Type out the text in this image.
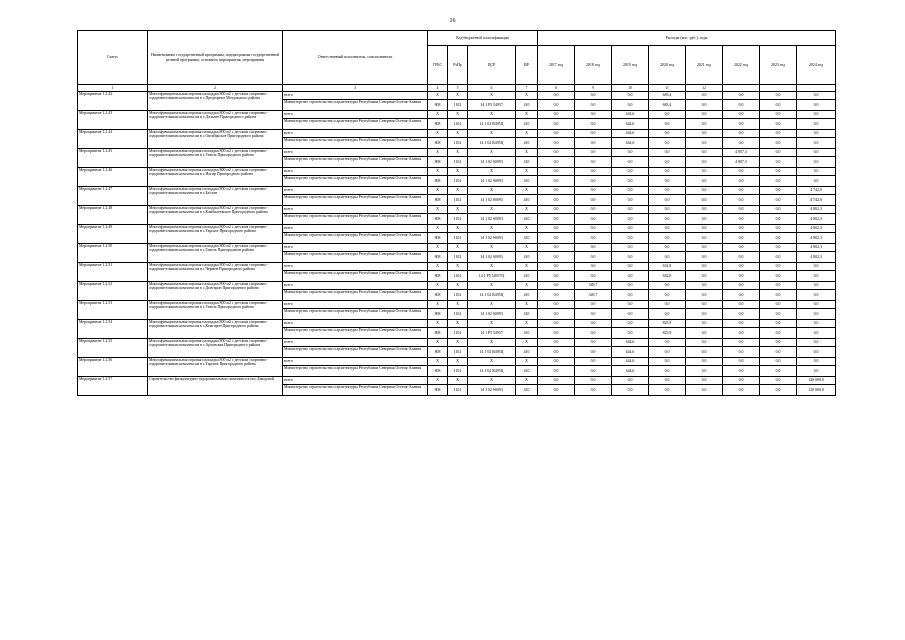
16
Статус	Наименование государственной программы, подпрограммы государственной целевой программы, основного мероприятия, мероприятия	Ответственный исполнитель, соисполнители	Код бюджетной классификации				Расходы (тыс. руб.), годы								
			ГРБС	РзПр	ЦСР	ВР	2017 год	2018 год	2019 год	2020 год	2021 год	2022 год	2023 год	2024 год	
1	2	3	4	5	6	7	8	9	10	11	12				
Мероприятие 1.2.42	Многофункциональная игровая площадка 800 м2 с детским спортивно-оздоровительным комплексом в с.Предгорное Моздокского района	всего	X	X	X	X	0,0	0,0	0,0	683,4	0,0	0,0	0,0	0,0	
		Министерство строительства и архитектуры Республики Северная Осетия-Алания	808	1102	14 1 P5 54957	410	0,0	0,0	0,0	683,4	0,0	0,0	0,0	0,0	
Мероприятие 1.2.43	Многофункциональная игровая площадка 800 м2 с детским спортивно-оздоровительным комплексом в с.Дальнее Пригородного района	всего	X	X	X	X	0,0	0,0	444,6	0,0	0,0	0,0	0,0	0,0	
		Министерство строительства и архитектуры Республики Северная Осетия-Алания	808	1102	14 1 02 R495Ц	410	0,0	0,0	444,6	0,0	0,0	0,0	0,0	0,0	
Мероприятие 1.2.44	Многофункциональная игровая площадка 800 м2 с детским спортивно-оздоровительным комплексом в с.Октябрьское Пригородного района	всего	X	X	X	X	0,0	0,0	444,6	0,0	0,0	0,0	0,0	0,0	
		Министерство строительства и архитектуры Республики Северная Осетия-Алания	808	1102	14 1 02 R495Ц	410	0,0	0,0	444,6	0,0	0,0	0,0	0,0	0,0	
Мероприятие 1.2.45	Многофункциональная игровая площадка 800 м2 с детским спортивно-оздоровительным комплексом в с.Гизель Пригородного района	всего	X	X	X	X	0,0	0,0	0,0	0,0	0,0	4 807,3	0,0	0,0	
		Министерство строительства и архитектуры Республики Северная Осетия-Алания	808	1102	14 1 02 S0093	410	0,0	0,0	0,0	0,0	0,0	4 807,3	0,0	0,0	
Мероприятие 1.2.46	Многофункциональная игровая площадка 800 м2 с детским спортивно-оздоровительным комплексом в с.Ногир Пригородного района	всего	X	X	X	X	0,0	0,0	0,0	0,0	0,0	0,0	0,0	0,0	
		Министерство строительства и архитектуры Республики Северная Осетия-Алания	808	1102	14 1 02 S0093	410	0,0	0,0	0,0	0,0	0,0	0,0	0,0	0,0	
Мероприятие 1.2.47	Многофункциональная игровая площадка 800 м2 с детским спортивно-оздоровительным комплексом в с.Беслан	всего	X	X	X	X	0,0	0,0	0,0	0,0	0,0	0,0	0,0	4 742,0	
		Министерство строительства и архитектуры Республики Северная Осетия-Алания	808	1102	14 1 02 S0093	410	0,0	0,0	0,0	0,0	0,0	0,0	0,0	4 742,0	
Мероприятие 1.2.48	Многофункциональная игровая площадка 800 м2 с детским спортивно-оздоровительным комплексом в с.Камбилеевское Пригородного района	всего	X	X	X	X	0,0	0,0	0,0	0,0	0,0	0,0	0,0	4 802,3	
		Министерство строительства и архитектуры Республики Северная Осетия-Алания	808	1102	14 1 02 S0093	410	0,0	0,0	0,0	0,0	0,0	0,0	0,0	4 802,3	
Мероприятие 1.2.49	Многофункциональная игровая площадка 800 м2 с детским спортивно-оздоровительным комплексом в с.Тарское Пригородного района	всего	X	X	X	X	0,0	0,0	0,0	0,0	0,0	0,0	0,0	4 802,3	
		Министерство строительства и архитектуры Республики Северная Осетия-Алания	808	1102	14 1 02 S0093	410	0,0	0,0	0,0	0,0	0,0	0,0	0,0	4 802,3	
Мероприятие 1.2.50	Многофункциональная игровая площадка 800 м2 с детским спортивно-оздоровительным комплексом в с.Гизель Пригородного района	всего	X	X	X	X	0,0	0,0	0,0	0,0	0,0	0,0	0,0	4 802,3	
		Министерство строительства и архитектуры Республики Северная Осетия-Алания	808	1102	14 1 02 S0093	410	0,0	0,0	0,0	0,0	0,0	0,0	0,0	4 802,3	
Мероприятие 1.2.51	Многофункциональная игровая площадка 800 м2 с детским спортивно-оздоровительным комплексом в с.Чермен Пригородного района	всего	X	X	X	X	0,0	0,0	0,0	632,8	0,0	0,0	0,0	0,0	
		Министерство строительства и архитектуры Республики Северная Осетия-Алания	808	1102	14 1 P5 54957Ц	410	0,0	0,0	0,0	632,8	0,0	0,0	0,0	0,0	
Мероприятие 1.2.52	Многофункциональная игровая площадка 800 м2 с детским спортивно-оздоровительным комплексом в с.Донгарон Пригородного района	всего	X	X	X	X	0,0	349,7	0,0	0,0	0,0	0,0	0,0	0,0	
		Министерство строительства и архитектуры Республики Северная Осетия-Алания	808	1102	14 1 02 R495Ц	410	0,0	349,7	0,0	0,0	0,0	0,0	0,0	0,0	
Мероприятие 1.2.53	Многофункциональная игровая площадка 800 м2 с детским спортивно-оздоровительным комплексом в с.Гизель Пригородного района	всего	X	X	X	X	0,0	0,0	0,0	0,0	0,0	0,0	0,0	0,0	
		Министерство строительства и архитектуры Республики Северная Осетия-Алания	808	1102	14 1 02 S0093	410	0,0	0,0	0,0	0,0	0,0	0,0	0,0	0,0	
Мероприятие 1.2.54	Многофункциональная игровая площадка 800 м2 с детским спортивно-оздоровительным комплексом в с.Комгарон Пригородного района	всего	X	X	X	X	0,0	0,0	0,0	825,9	0,0	0,0	0,0	0,0	
		Министерство строительства и архитектуры Республики Северная Осетия-Алания	808	1102	14 1 P5 54957	410	0,0	0,0	0,0	825,9	0,0	0,0	0,0	0,0	
Мероприятие 1.2.55	Многофункциональная игровая площадка 800 м2 с детским спортивно-оздоровительным комплексом в с.Архонская Пригородного района	всего	X	X	X	X	0,0	0,0	444,6	0,0	0,0	0,0	0,0	0,0	
		Министерство строительства и архитектуры Республики Северная Осетия-Алания	808	1102	14 1 02 R495Ц	410	0,0	0,0	444,6	0,0	0,0	0,0	0,0	0,0	
Мероприятие 1.2.56	Многофункциональная игровая площадка 800 м2 с детским спортивно-оздоровительным комплексом в с.Тарское Пригородного района	всего	X	X	X	X	0,0	0,0	444,6	0,0	0,0	0,0	0,0	0,0	
		Министерство строительства и архитектуры Республики Северная Осетия-Алания	808	1102	14 1 02 R495Ц	410	0,0	0,0	444,6	0,0	0,0	0,0	0,0	0,0	
Мероприятие 1.2.57	Строительство физкультурно-оздоровительного комплекса в пос.Заводской	всего	X	X	X	X	0,0	0,0	0,0	0,0	0,0	0,0	0,0	120 000,0	
		Министерство строительства и архитектуры Республики Северная Осетия-Алания	808	1102	14 1 02 S0093	410	0,0	0,0	0,0	0,0	0,0	0,0	0,0	120 000,0	
